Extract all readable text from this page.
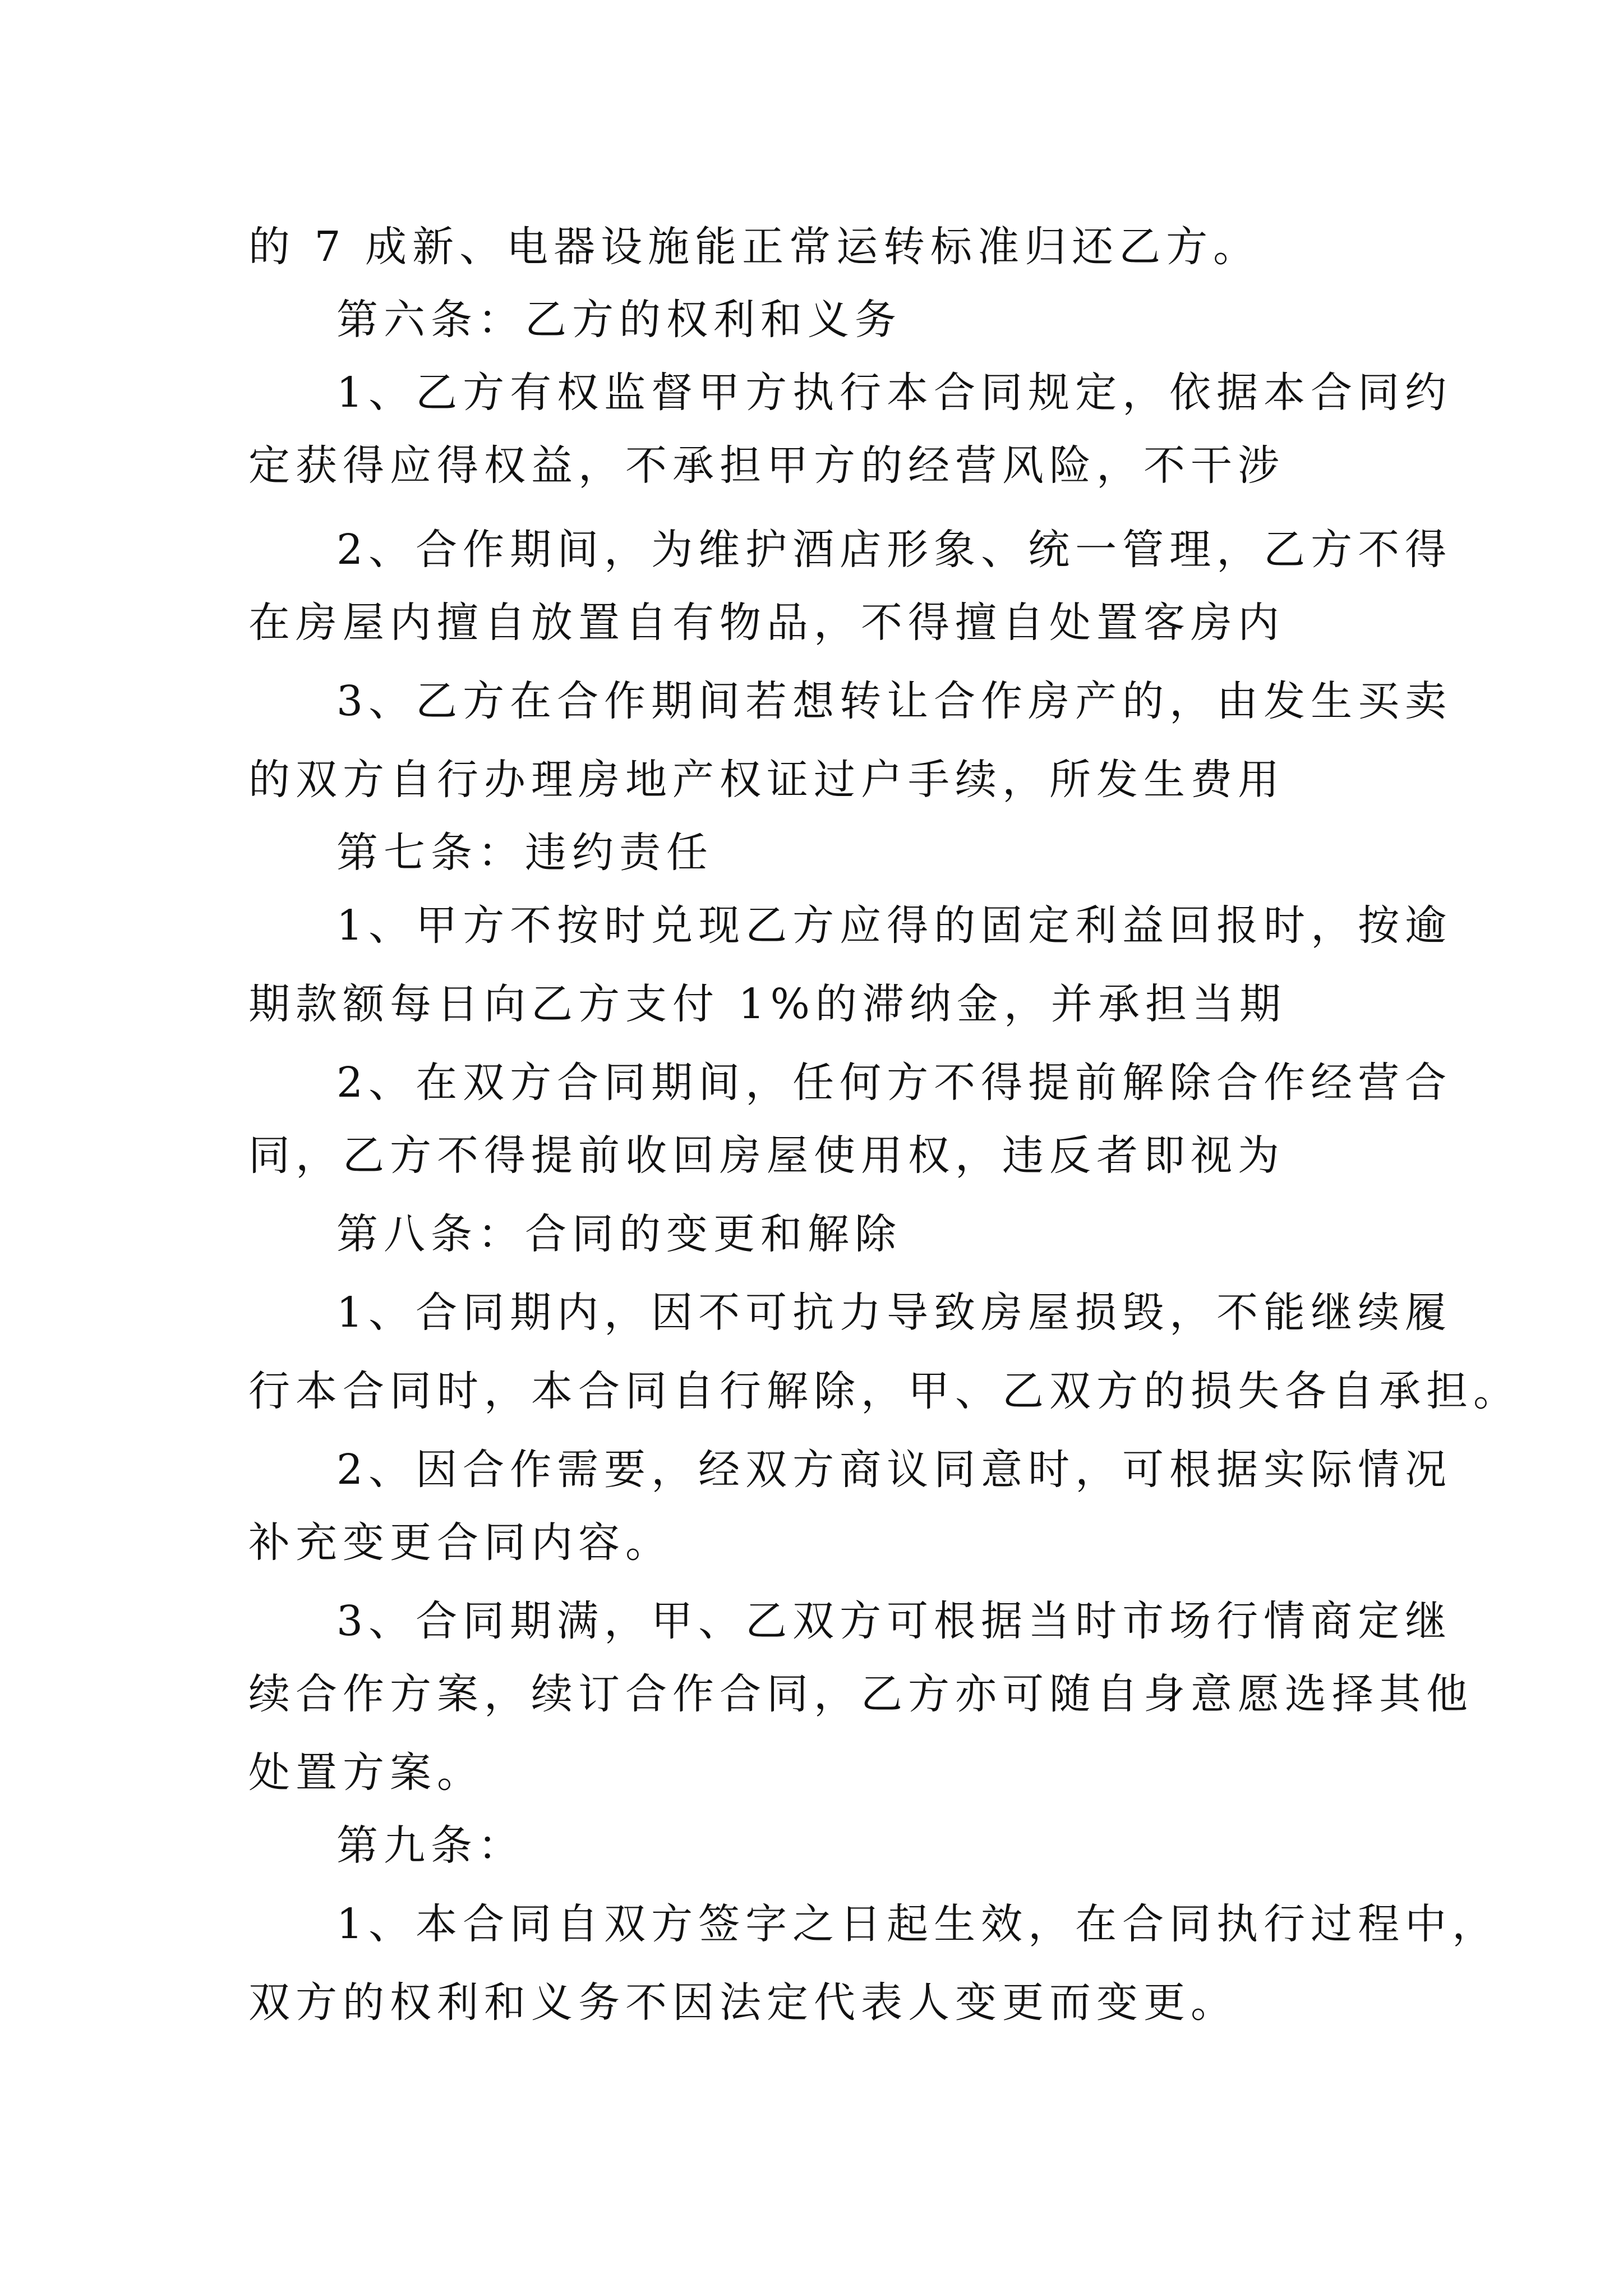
的 7 成新、电器设施能正常运转标准归还乙方。
第六条：乙方的权利和义务
1、乙方有权监督甲方执行本合同规定，依据本合同约
定获得应得权益，不承担甲方的经营风险，不干涉
2、合作期间，为维护酒店形象、统一管理，乙方不得
在房屋内擅自放置自有物品，不得擅自处置客房内
3、乙方在合作期间若想转让合作房产的，由发生买卖
的双方自行办理房地产权证过户手续，所发生费用
第七条：违约责任
1、甲方不按时兑现乙方应得的固定利益回报时，按逾
期款额每日向乙方支付 1%的滞纳金，并承担当期
2、在双方合同期间，任何方不得提前解除合作经营合
同，乙方不得提前收回房屋使用权，违反者即视为
第八条：合同的变更和解除
1、合同期内，因不可抗力导致房屋损毁，不能继续履
行本合同时，本合同自行解除，甲、乙双方的损失各自承担。
2、因合作需要，经双方商议同意时，可根据实际情况
补充变更合同内容。
3、合同期满，甲、乙双方可根据当时市场行情商定继
续合作方案，续订合作合同，乙方亦可随自身意愿选择其他
处置方案。
第九条：
1、本合同自双方签字之日起生效，在合同执行过程中，
双方的权利和义务不因法定代表人变更而变更。
